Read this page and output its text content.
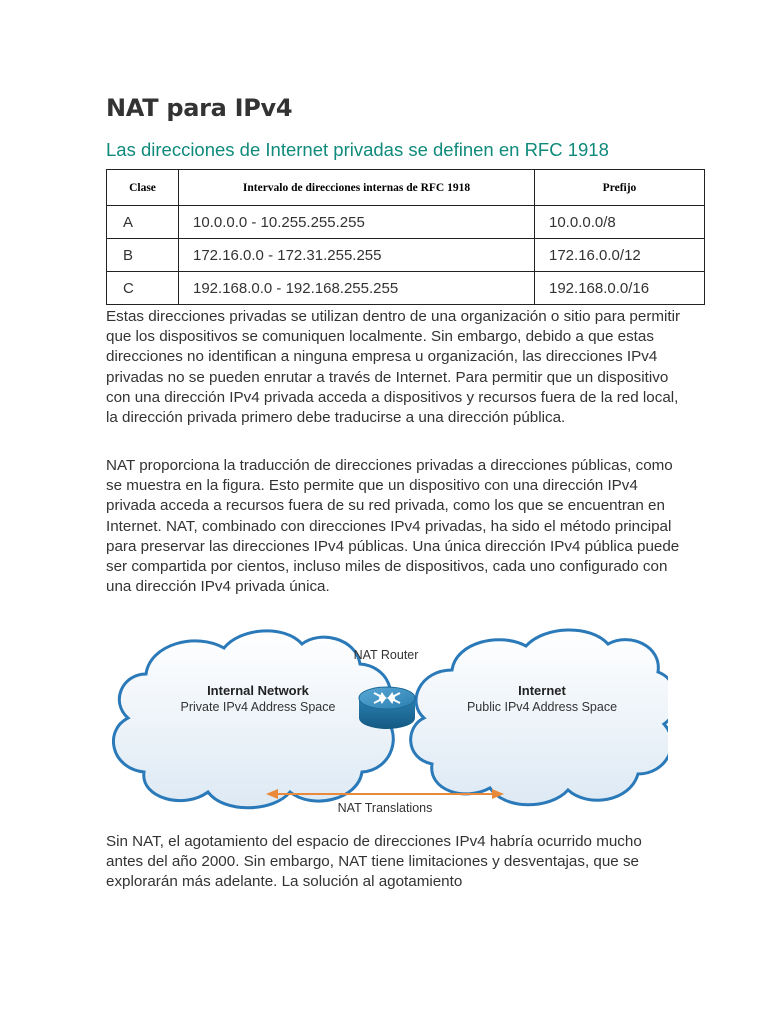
NAT para IPv4
Las direcciones de Internet privadas se definen en RFC 1918
Clase	Intervalo de direcciones internas de RFC 1918	Prefijo
A	10.0.0.0 - 10.255.255.255	10.0.0.0/8
B	172.16.0.0 - 172.31.255.255	172.16.0.0/12
C	192.168.0.0 - 192.168.255.255	192.168.0.0/16

Estas direcciones privadas se utilizan dentro de una organización o sitio para permitir que los dispositivos se comuniquen localmente. Sin embargo, debido a que estas direcciones no identifican a ninguna empresa u organización, las direcciones IPv4 privadas no se pueden enrutar a través de Internet. Para permitir que un dispositivo con una dirección IPv4 privada acceda a dispositivos y recursos fuera de la red local, la dirección privada primero debe traducirse a una dirección pública.

NAT proporciona la traducción de direcciones privadas a direcciones públicas, como se muestra en la figura. Esto permite que un dispositivo con una dirección IPv4 privada acceda a recursos fuera de su red privada, como los que se encuentran en Internet. NAT, combinado con direcciones IPv4 privadas, ha sido el método principal para preservar las direcciones IPv4 públicas. Una única dirección IPv4 pública puede ser compartida por cientos, incluso miles de dispositivos, cada uno configurado con una dirección IPv4 privada única.

Internal Network
Private IPv4 Address Space
Internet
Public IPv4 Address Space
NAT Router
NAT Translations

Sin NAT, el agotamiento del espacio de direcciones IPv4 habría ocurrido mucho antes del año 2000. Sin embargo, NAT tiene limitaciones y desventajas, que se explorarán más adelante. La solución al agotamiento
